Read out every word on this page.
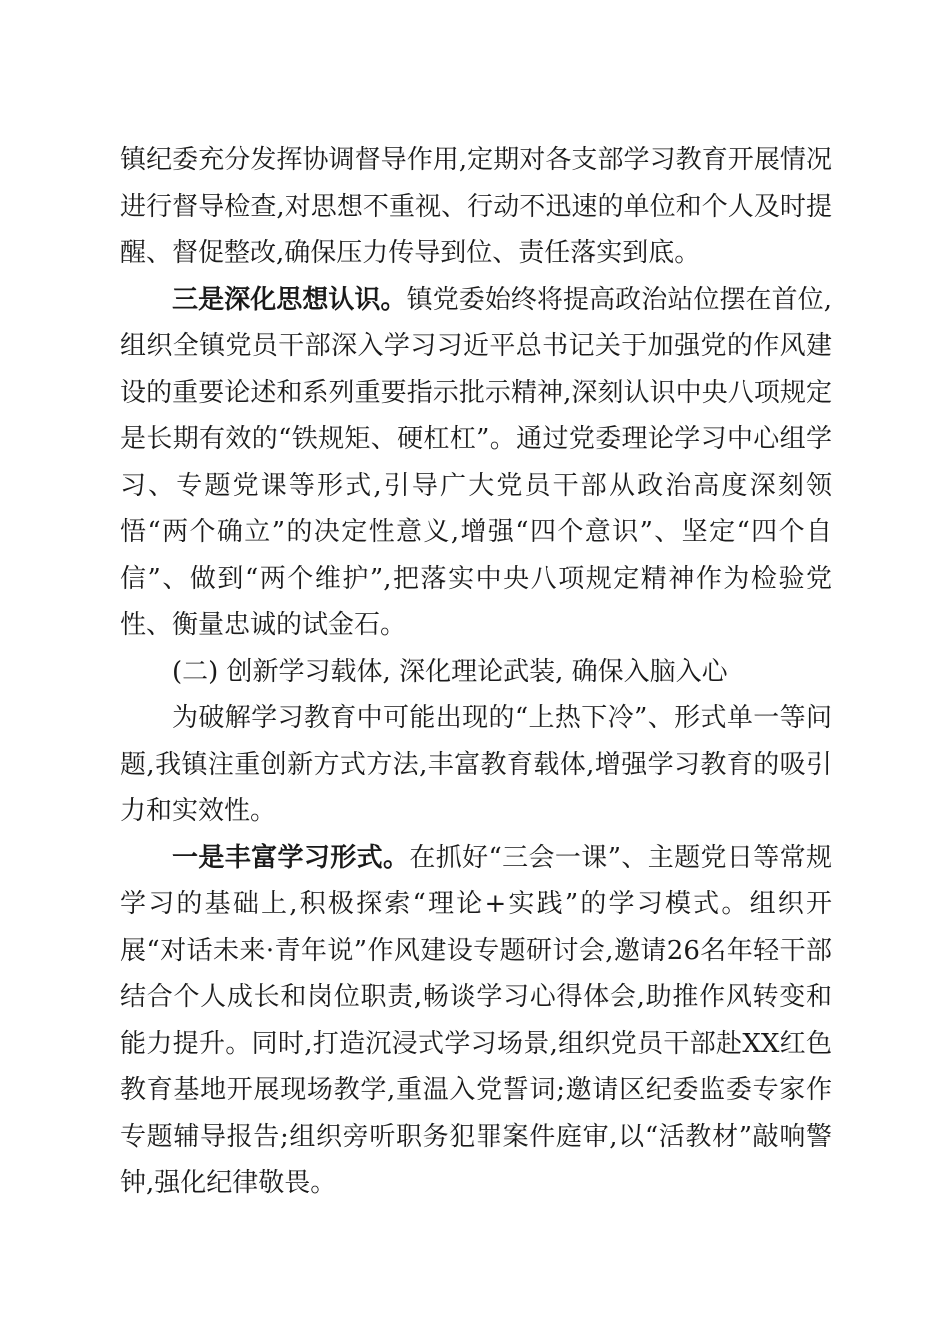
镇纪委充分发挥协调督导作用,定期对各支部学习教育开展情况进行督导检查,对思想不重视、行动不迅速的单位和个人及时提醒、督促整改,确保压力传导到位、责任落实到底。

三是深化思想认识。镇党委始终将提高政治站位摆在首位,组织全镇党员干部深入学习习近平总书记关于加强党的作风建设的重要论述和系列重要指示批示精神,深刻认识中央八项规定是长期有效的“铁规矩、硬杠杠”。通过党委理论学习中心组学习、专题党课等形式,引导广大党员干部从政治高度深刻领悟“两个确立”的决定性意义,增强“四个意识”、坚定“四个自信”、做到“两个维护”,把落实中央八项规定精神作为检验党性、衡量忠诚的试金石。

(二) 创新学习载体, 深化理论武装, 确保入脑入心

为破解学习教育中可能出现的“上热下冷”、形式单一等问题,我镇注重创新方式方法,丰富教育载体,增强学习教育的吸引力和实效性。

一是丰富学习形式。在抓好“三会一课”、主题党日等常规学习的基础上,积极探索“理论+实践”的学习模式。组织开展“对话未来·青年说”作风建设专题研讨会,邀请26名年轻干部结合个人成长和岗位职责,畅谈学习心得体会,助推作风转变和能力提升。同时,打造沉浸式学习场景,组织党员干部赴XX红色教育基地开展现场教学,重温入党誓词;邀请区纪委监委专家作专题辅导报告;组织旁听职务犯罪案件庭审,以“活教材”敲响警钟,强化纪律敬畏。
